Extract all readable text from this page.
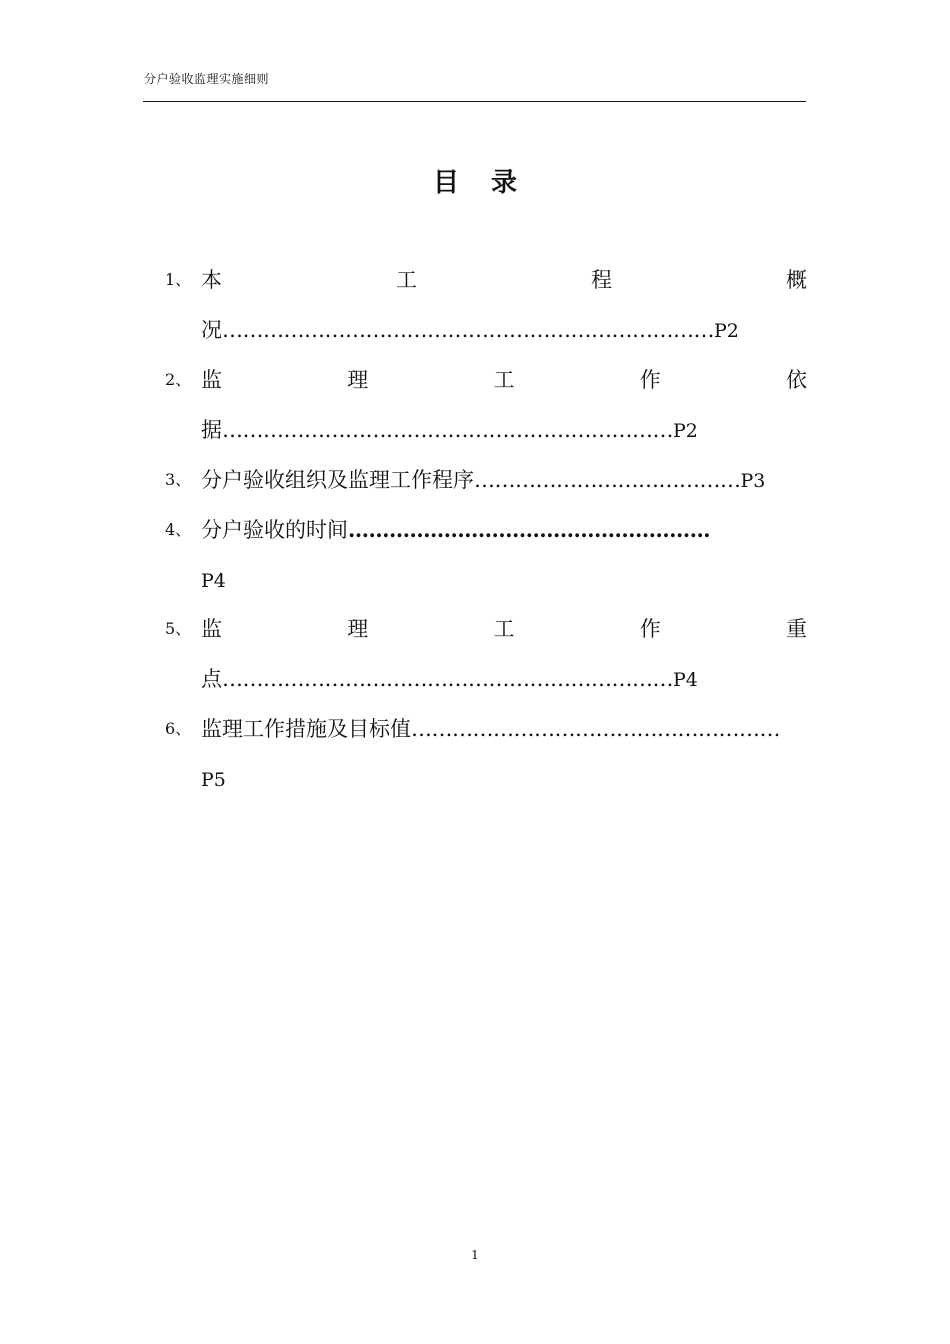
分户验收监理实施细则
目录
1、 本	工	程	概
况………………………………………………………………P2
2、 监	理	工	作	依
据…………………………………………………………P2
3、 分户验收组织及监理工作程序…………………………………P3
4、 分户验收的时间……………………………………………..
P4
5、 监	理	工	作	重
点…………………………………………………………P4
6、 监理工作措施及目标值………………………………………………
P5
1
